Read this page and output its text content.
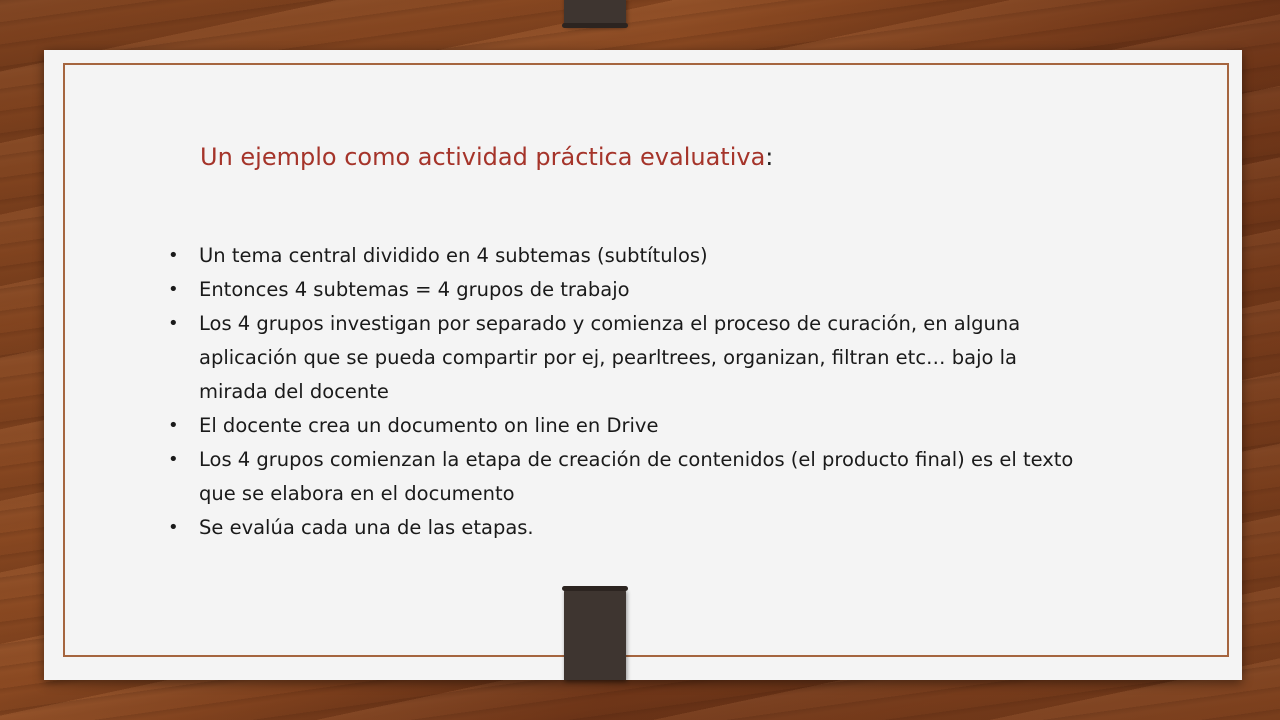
Un ejemplo como actividad práctica evaluativa:
• Un tema central dividido en 4 subtemas (subtítulos)
• Entonces 4 subtemas = 4 grupos de trabajo
• Los 4 grupos investigan por separado y comienza el proceso de curación, en alguna aplicación que se pueda compartir por ej, pearltrees, organizan, filtran etc… bajo la mirada del docente
• El docente crea un documento on line en Drive
• Los 4 grupos comienzan la etapa de creación de contenidos (el producto final) es el texto que se elabora en el documento
• Se evalúa cada una de las etapas.
